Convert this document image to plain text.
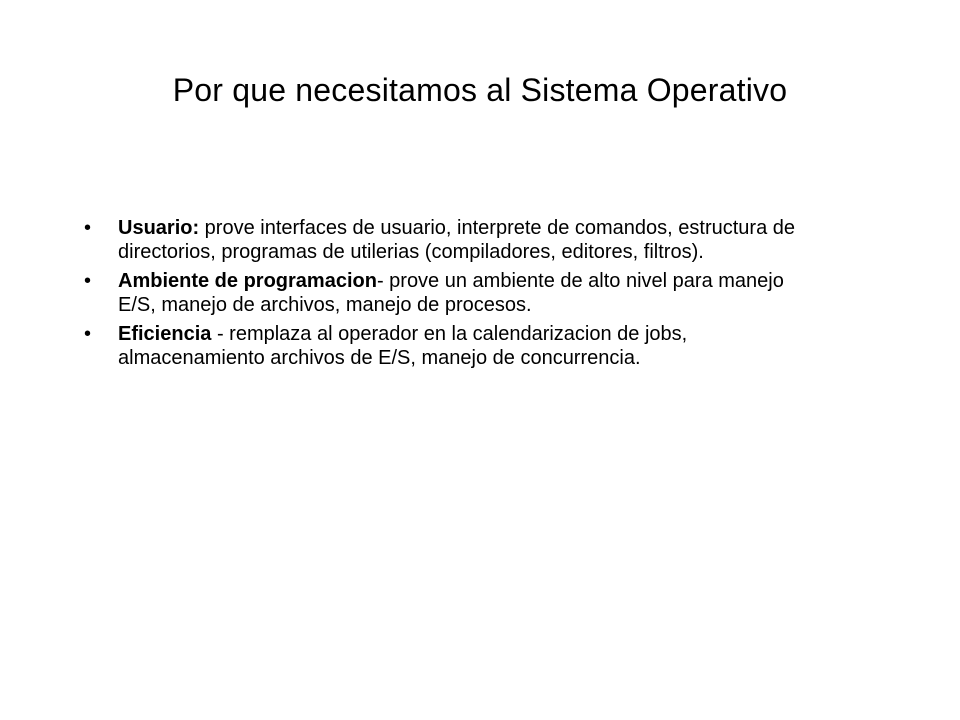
Por que necesitamos al Sistema Operativo
•	Usuario: prove interfaces de usuario, interprete de comandos, estructura de directorios, programas de utilerias (compiladores, editores, filtros).
•	Ambiente de programacion- prove un ambiente de alto nivel para manejo E/S, manejo de archivos, manejo de procesos.
•	Eficiencia - remplaza al operador en la calendarizacion de jobs, almacenamiento archivos de E/S, manejo de concurrencia.
